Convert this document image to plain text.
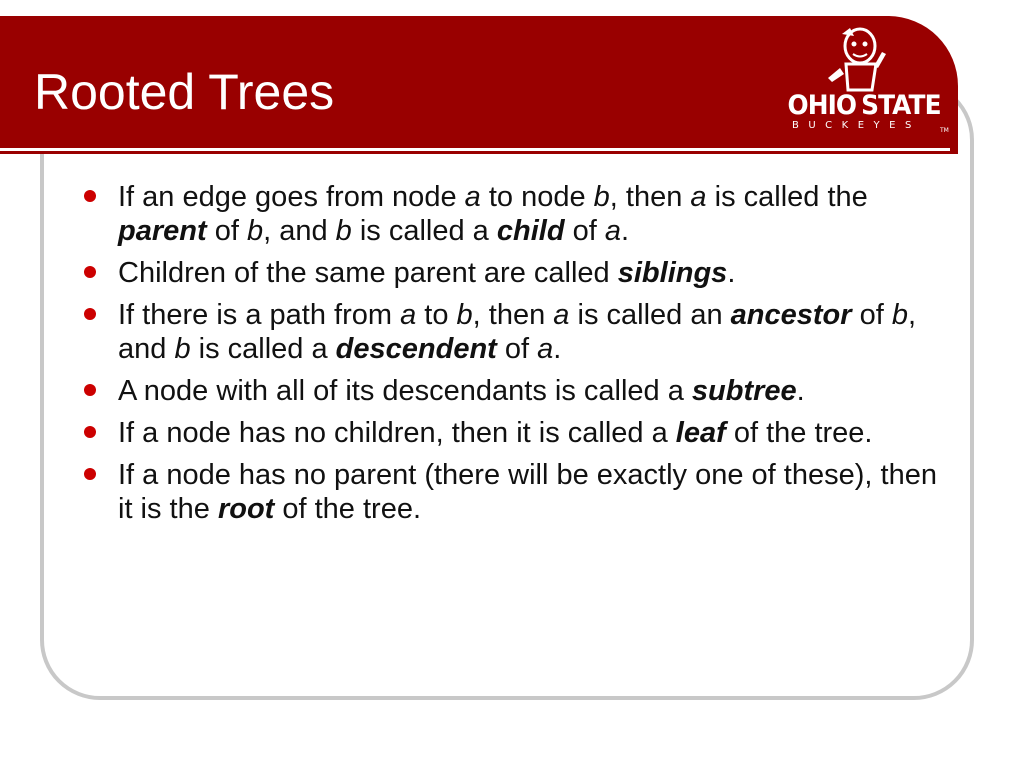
Rooted Trees	OHIO STATE
BUCKEYES	TM
If an edge goes from node a to node b, then a is called the parent of b, and b is called a child of a.
Children of the same parent are called siblings.
If there is a path from a to b, then a is called an ancestor of b, and b is called a descendent of a.
A node with all of its descendants is called a subtree.
If a node has no children, then it is called a leaf of the tree.
If a node has no parent (there will be exactly one of these), then it is the root of the tree.
